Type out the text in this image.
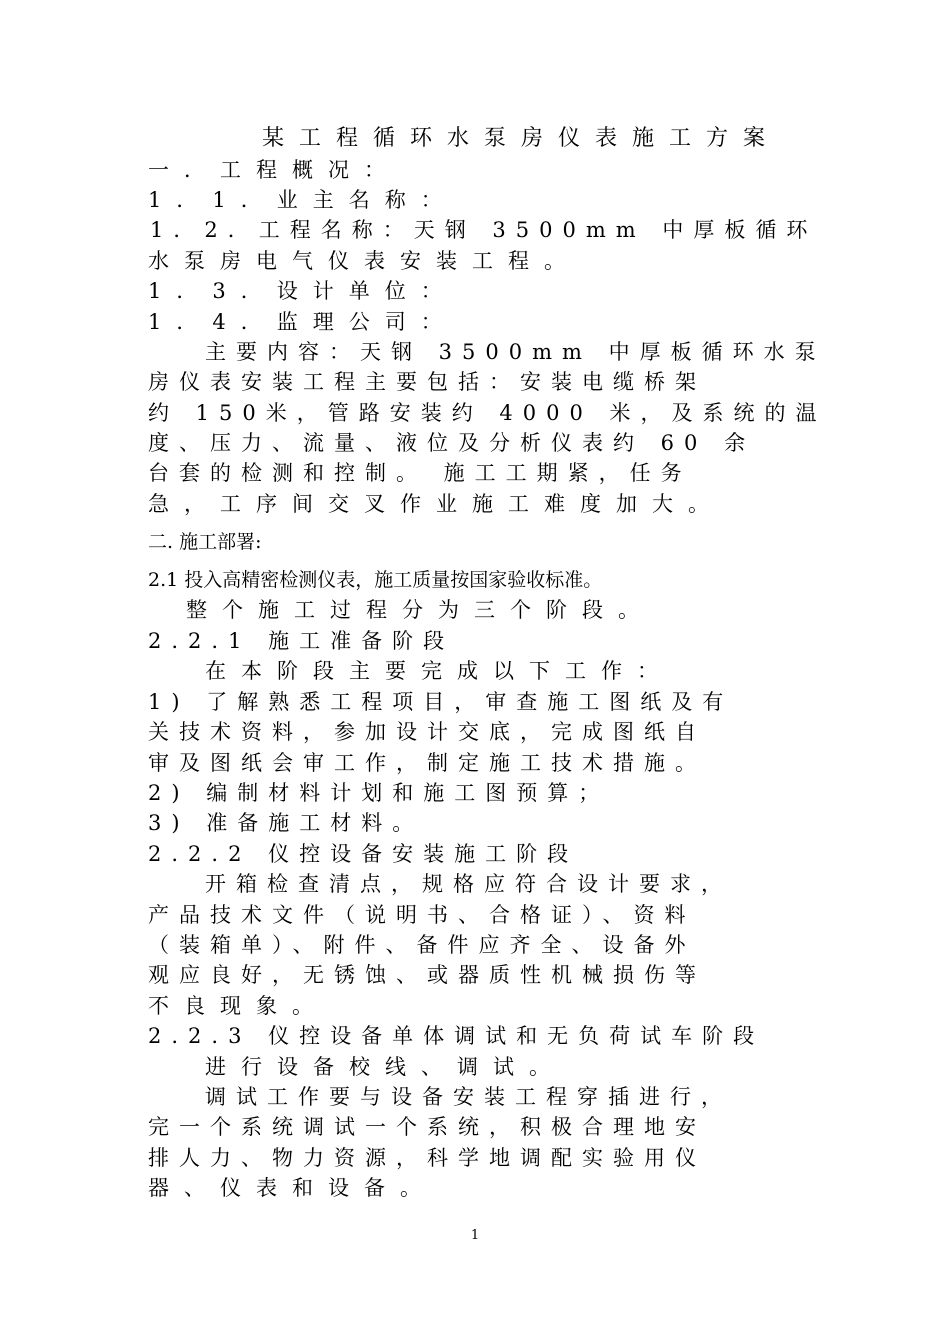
某工程循环水泵房仪表施工方案
一．工程概况：
1．1．业主名称：
1．2．工程名称：天钢 3500mm 中厚板循环
水泵房电气仪表安装工程。
1．3．设计单位：
1．4．监理公司：
主要内容：天钢 3500mm 中厚板循环水泵
房仪表安装工程主要包括：安装电缆桥架
约 150米，管路安装约 4000 米，及系统的温
度、压力、流量、液位及分析仪表约 60 余
台套的检测和控制。 施工工期紧，任务
急，工序间交叉作业施工难度加大。
二. 施工部署:
2.1 投入高精密检测仪表，施工质量按国家验收标准。
整个施工过程分为三个阶段。
2.2.1 施工准备阶段
在本阶段主要完成以下工作：
1) 了解熟悉工程项目，审查施工图纸及有
关技术资料，参加设计交底，完成图纸自
审及图纸会审工作，制定施工技术措施。
2) 编制材料计划和施工图预算；
3) 准备施工材料。
2.2.2 仪控设备安装施工阶段
开箱检查清点，规格应符合设计要求，
产品技术文件（说明书、合格证）、资料
（装箱单）、附件、备件应齐全、设备外
观应良好，无锈蚀、或器质性机械损伤等
不良现象。
2.2.3 仪控设备单体调试和无负荷试车阶段
进行设备校线、调试。
调试工作要与设备安装工程穿插进行，
完一个系统调试一个系统，积极合理地安
排人力、物力资源，科学地调配实验用仪
器、仪表和设备。
1
